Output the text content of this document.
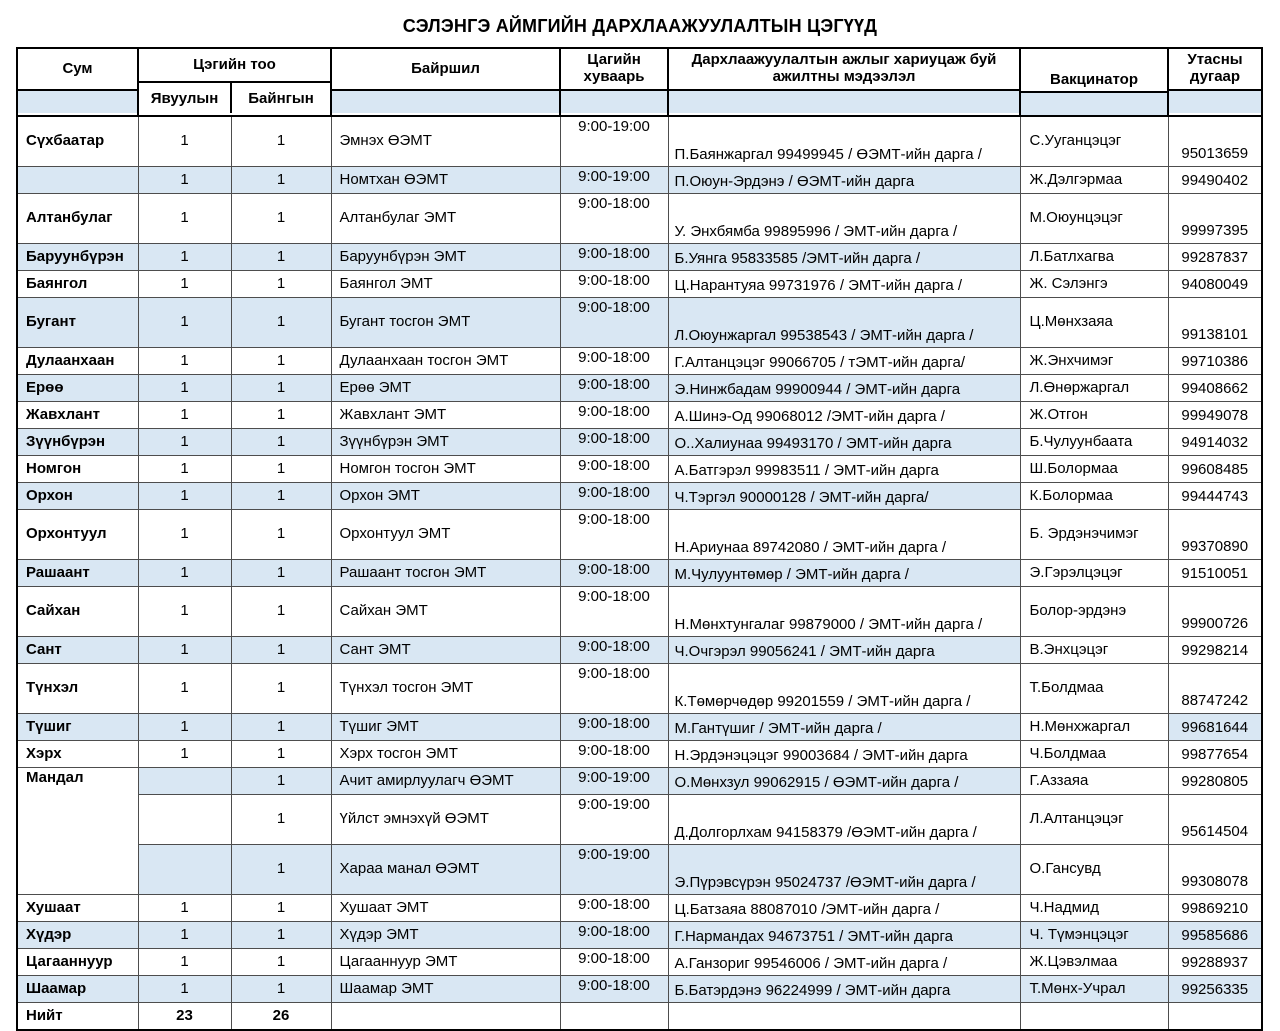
СЭЛЭНГЭ АЙМГИЙН ДАРХЛААЖУУЛАЛТЫН ЦЭГҮҮД
Сум	Цэгийн тоо
Явуулын Байнгын		Байршил	Цагийн хуваарь	Дархлаажуулалтын ажлыг хариуцаж буй ажилтны мэдээлэл	Вакцинатор	Утасны дугаар

Сүхбаатар	1	1	Эмнэх ӨЭМТ	9:00-19:00	П.Баянжаргал 99499945 / ӨЭМТ-ийн дарга /	С.Ууганцэцэг	95013659
	1	1	Номтхан ӨЭМТ	9:00-19:00	П.Оюун-Эрдэнэ / ӨЭМТ-ийн дарга	Ж.Дэлгэрмаа	99490402
Алтанбулаг	1	1	Алтанбулаг ЭМТ	9:00-18:00	У. Энхбямба 99895996 / ЭМТ-ийн дарга /	М.Оюунцэцэг	99997395
Баруунбүрэн	1	1	Баруунбүрэн ЭМТ	9:00-18:00	Б.Уянга 95833585 /ЭМТ-ийн дарга /	Л.Батлхагва	99287837
Баянгол	1	1	Баянгол ЭМТ	9:00-18:00	Ц.Нарантуяа 99731976 / ЭМТ-ийн дарга /	Ж. Сэлэнгэ	94080049
Бугант	1	1	Бугант тосгон ЭМТ	9:00-18:00	Л.Оюунжаргал 99538543 / ЭМТ-ийн дарга /	Ц.Мөнхзаяа	99138101
Дулаанхаан	1	1	Дулаанхаан тосгон ЭМТ	9:00-18:00	Г.Алтанцэцэг 99066705 / тЭМТ-ийн дарга/	Ж.Энхчимэг	99710386
Ерөө	1	1	Ерөө ЭМТ	9:00-18:00	Э.Нинжбадам 99900944 / ЭМТ-ийн дарга	Л.Өнөржаргал	99408662
Жавхлант	1	1	Жавхлант ЭМТ	9:00-18:00	А.Шинэ-Од 99068012 /ЭМТ-ийн дарга /	Ж.Отгон	99949078
Зүүнбүрэн	1	1	Зүүнбүрэн ЭМТ	9:00-18:00	О..Халиунаа 99493170 / ЭМТ-ийн дарга	Б.Чулуунбаата	94914032
Номгон	1	1	Номгон тосгон ЭМТ	9:00-18:00	А.Батгэрэл 99983511 / ЭМТ-ийн дарга	Ш.Болормаа	99608485
Орхон	1	1	Орхон ЭМТ	9:00-18:00	Ч.Тэргэл 90000128 / ЭМТ-ийн дарга/	К.Болормаа	99444743
Орхонтуул	1	1	Орхонтуул ЭМТ	9:00-18:00	Н.Ариунаа 89742080 / ЭМТ-ийн дарга /	Б. Эрдэнэчимэг	99370890
Рашаант	1	1	Рашаант тосгон ЭМТ	9:00-18:00	М.Чулуунтөмөр / ЭМТ-ийн дарга /	Э.Гэрэлцэцэг	91510051
Сайхан	1	1	Сайхан ЭМТ	9:00-18:00	Н.Мөнхтунгалаг 99879000 / ЭМТ-ийн дарга /	Болор-эрдэнэ	99900726
Сант	1	1	Сант ЭМТ	9:00-18:00	Ч.Очгэрэл 99056241 / ЭМТ-ийн дарга	В.Энхцэцэг	99298214
Түнхэл	1	1	Түнхэл тосгон ЭМТ	9:00-18:00	К.Төмөрчөдөр 99201559 / ЭМТ-ийн дарга /	Т.Болдмаа	88747242
Түшиг	1	1	Түшиг ЭМТ	9:00-18:00	М.Гантүшиг / ЭМТ-ийн дарга /	Н.Мөнхжаргал	99681644
Хэрх	1	1	Хэрх тосгон ЭМТ	9:00-18:00	Н.Эрдэнэцэцэг 99003684 / ЭМТ-ийн дарга	Ч.Болдмаа	99877654
Мандал		1	Ачит амирлуулагч ӨЭМТ	9:00-19:00	О.Мөнхзул 99062915 / ӨЭМТ-ийн дарга /	Г.Аззаяа	99280805
		1	Үйлст эмнэхүй ӨЭМТ	9:00-19:00	Д.Долгорлхам 94158379 /ӨЭМТ-ийн дарга /	Л.Алтанцэцэг	95614504
		1	Хараа манал ӨЭМТ	9:00-19:00	Э.Пүрэвсүрэн 95024737 /ӨЭМТ-ийн дарга /	О.Гансувд	99308078
Хушаат	1	1	Хушаат ЭМТ	9:00-18:00	Ц.Батзаяа 88087010 /ЭМТ-ийн дарга /	Ч.Надмид	99869210
Хүдэр	1	1	Хүдэр ЭМТ	9:00-18:00	Г.Нармандах 94673751 / ЭМТ-ийн дарга	Ч. Түмэнцэцэг	99585686
Цагааннуур	1	1	Цагааннуур ЭМТ	9:00-18:00	А.Ганзориг 99546006 / ЭМТ-ийн дарга /	Ж.Цэвэлмаа	99288937
Шаамар	1	1	Шаамар ЭМТ	9:00-18:00	Б.Батэрдэнэ 96224999 / ЭМТ-ийн дарга	Т.Мөнх-Учрал	99256335
Нийт	23	26					
